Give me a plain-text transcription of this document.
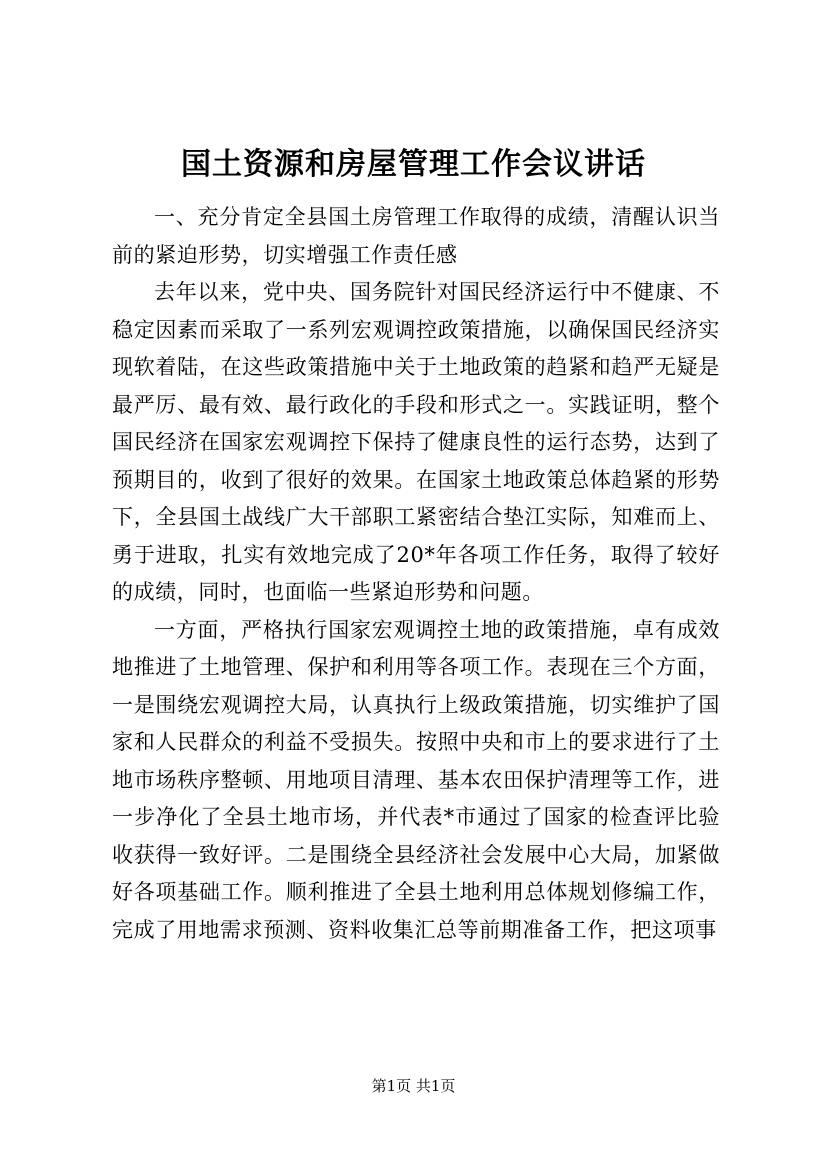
国土资源和房屋管理工作会议讲话

一、充分肯定全县国土房管理工作取得的成绩，清醒认识当前的紧迫形势，切实增强工作责任感

去年以来，党中央、国务院针对国民经济运行中不健康、不稳定因素而采取了一系列宏观调控政策措施，以确保国民经济实现软着陆，在这些政策措施中关于土地政策的趋紧和趋严无疑是最严厉、最有效、最行政化的手段和形式之一。实践证明，整个国民经济在国家宏观调控下保持了健康良性的运行态势，达到了预期目的，收到了很好的效果。在国家土地政策总体趋紧的形势下，全县国土战线广大干部职工紧密结合垫江实际，知难而上、勇于进取，扎实有效地完成了20*年各项工作任务，取得了较好的成绩，同时，也面临一些紧迫形势和问题。

一方面，严格执行国家宏观调控土地的政策措施，卓有成效地推进了土地管理、保护和利用等各项工作。表现在三个方面，一是围绕宏观调控大局，认真执行上级政策措施，切实维护了国家和人民群众的利益不受损失。按照中央和市上的要求进行了土地市场秩序整顿、用地项目清理、基本农田保护清理等工作，进一步净化了全县土地市场，并代表*市通过了国家的检查评比验收获得一致好评。二是围绕全县经济社会发展中心大局，加紧做好各项基础工作。顺利推进了全县土地利用总体规划修编工作，完成了用地需求预测、资料收集汇总等前期准备工作，把这项事

第1页 共1页
